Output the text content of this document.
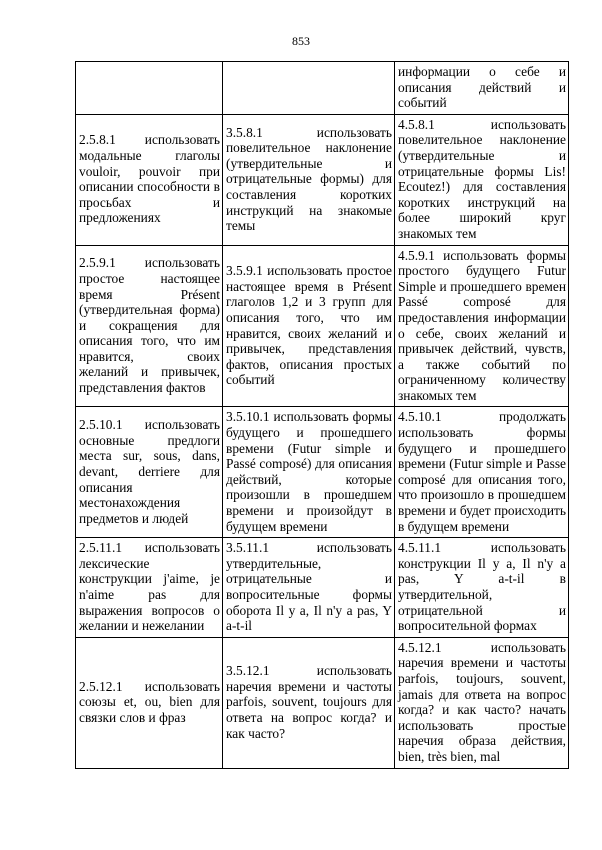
853
		информации о себе и описания действий и событий
2.5.8.1 использовать модальные глаголы vouloir, pouvoir при описании способности в просьбах и предложениях	3.5.8.1 использовать повелительное наклонение (утвердительные и отрицательные формы) для составления коротких инструкций на знакомые темы	4.5.8.1 использовать повелительное наклонение (утвердительные и отрицательные формы Lis! Ecoutez!) для составления коротких инструкций на более широкий круг знакомых тем
2.5.9.1 использовать простое настоящее время Présent (утвердительная форма) и сокращения для описания того, что им нравится, своих желаний и привычек, представления фактов	3.5.9.1 использовать простое настоящее время в Présent глаголов 1,2 и 3 групп для описания того, что им нравится, своих желаний и привычек, представления фактов, описания простых событий	4.5.9.1 использовать формы простого будущего Futur Simple и прошедшего времен Passé composé для предоставления информации о себе, своих желаний и привычек действий, чувств, а также событий по ограниченному количеству знакомых тем
2.5.10.1 использовать основные предлоги места sur, sous, dans, devant, derriere для описания местонахождения предметов и людей	3.5.10.1 использовать формы будущего и прошедшего времени (Futur simple и Passé composé) для описания действий, которые произошли в прошедшем времени и произойдут в будущем времени	4.5.10.1 продолжать использовать формы будущего и прошедшего времени (Futur simple и Passe composé для описания того, что произошло в прошедшем времени и будет происходить в будущем времени
2.5.11.1 использовать лексические конструкции j'aime, je n'aime pas для выражения вопросов о желании и нежелании	3.5.11.1 использовать утвердительные, отрицательные и вопросительные формы оборота Il y a, Il n'y a pas, Y a-t-il	4.5.11.1 использовать конструкции Il y a, Il n'y a pas, Y a-t-il в утвердительной, отрицательной и вопросительной формах
2.5.12.1 использовать союзы et, ou, bien для связки слов и фраз	3.5.12.1 использовать наречия времени и частоты parfois, souvent, toujours для ответа на вопрос когда? и как часто?	4.5.12.1 использовать наречия времени и частоты parfois, toujours, souvent, jamais для ответа на вопрос когда? и как часто? начать использовать простые наречия образа действия, bien, très bien, mal
